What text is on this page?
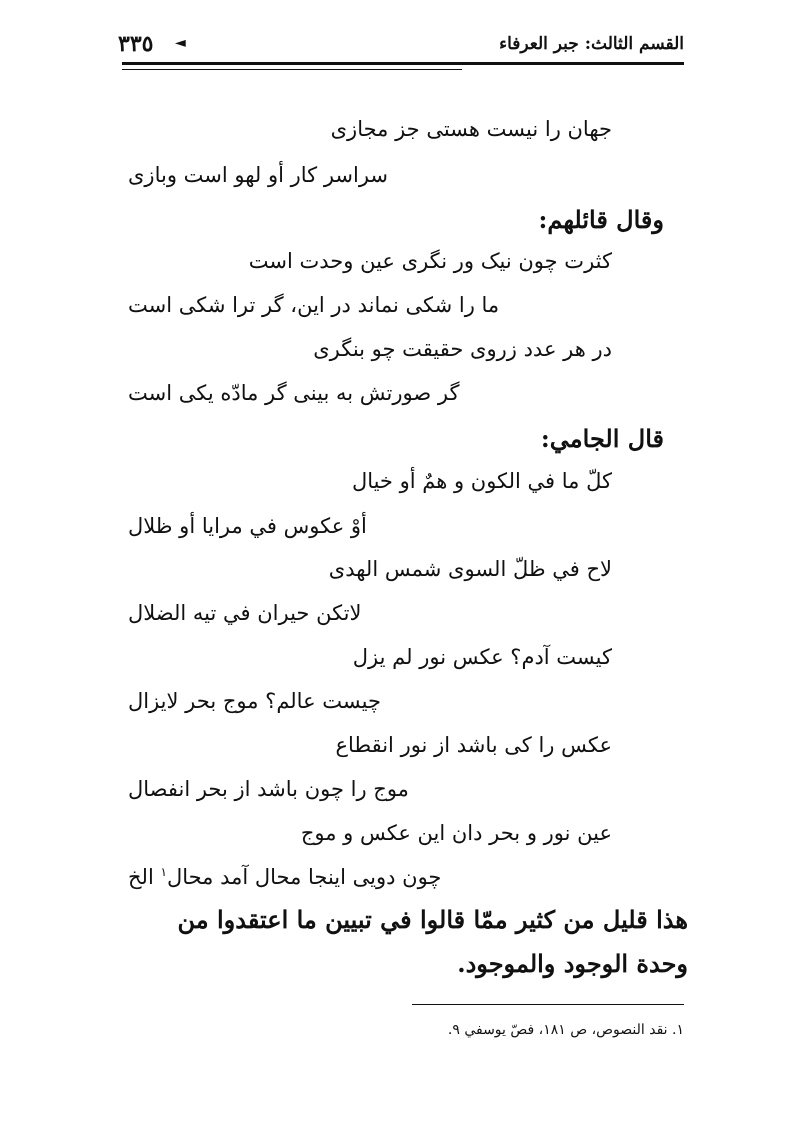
القسم الثالث: جبر العرفاء
◄
٣٣٥
جهان را نیست هستی جز مجازی
سراسر کار أو لهو است وبازی
وقال قائلهم:
کثرت چون نیک ور نگری عین وحدت است
ما را شکی نماند در این، گر ترا شکی است
در هر عدد زروی حقیقت چو بنگری
گر صورتش به بینی گر مادّه یکی است
قال الجامي:
کلّ ما في الکون و همٌ أو خیال
أوْ عکوس في مرایا أو ظلال
لاح في ظلّ السوی شمس الهدی
لاتکن حیران في تیه الضلال
کیست آدم؟ عکس نور لم یزل
چیست عالم؟ موج بحر لایزال
عکس را کی باشد از نور انقطاع
موج را چون باشد از بحر انفصال
عین نور و بحر دان این عکس و موج
چون دویی اینجا محال آمد محال$^١$ الخ
هذا قلیل من کثیر ممّا قالوا في تبیین ما اعتقدوا من وحدة الوجود والموجود.
١. نقد النصوص، ص ١٨١، فصّ یوسفي ٩.
